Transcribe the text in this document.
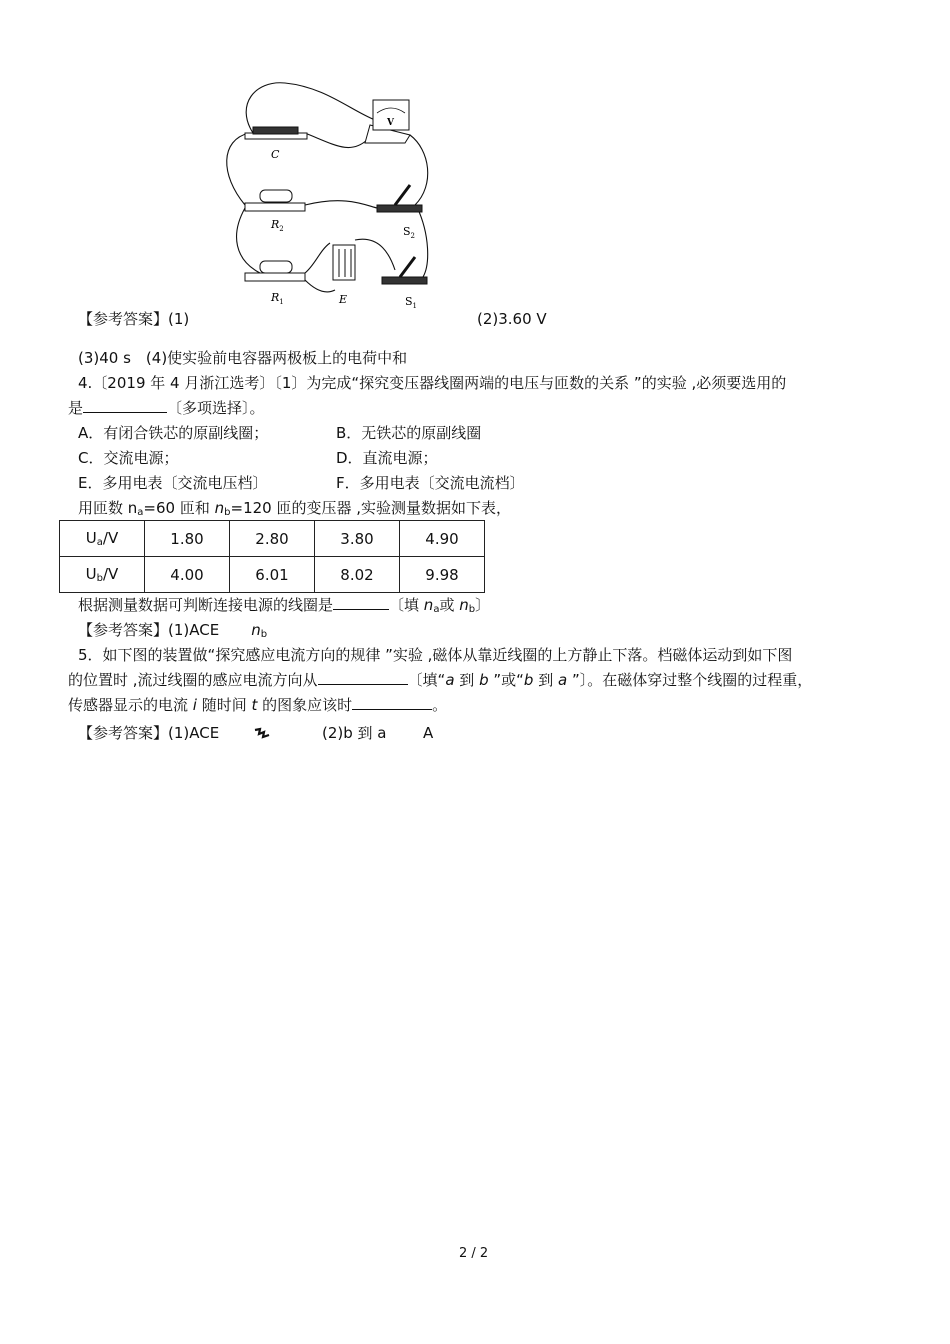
C
V
$R_2$	$S_2$
E
$R_1$	$S_1$
【参考答案】(1)	(2)3.60 V
(3)40 s　(4)使实验前电容器两极板上的电荷中和
4.〔2019 年 4 月浙江选考〕〔1〕为完成“探究变压器线圈两端的电压与匝数的关系 ”的实验 ,必须要选用的
是	〔多项选择〕。
A．有闭合铁芯的原副线圈；	B．无铁芯的原副线圈
C．交流电源；	D．直流电源；
E．多用电表〔交流电压档〕	F．多用电表〔交流电流档〕
用匝数 $n_a=60$ 匝和 $n_b=120$ 匝的变压器 ,实验测量数据如下表，
$U_a/V$	1.80	2.80	3.80	4.90
$U_b/V$	4.00	6.01	8.02	9.98
根据测量数据可判断连接电源的线圈是	〔填 $n_a$或 $n_b$〕
【参考答案】(1)ACE $n_b$
5．如下图的装置做“探究感应电流方向的规律 ”实验 ,磁体从靠近线圈的上方静止下落。档磁体运动到如下图
的位置时 ,流过线圈的感应电流方向从	〔填“a 到 b ”或“b 到 a ”〕。在磁体穿过整个线圈的过程重，
传感器显示的电流 i 随时间 t 的图象应该时	。
【参考答案】(1)ACE	(2)b 到 a A
2 / 2
